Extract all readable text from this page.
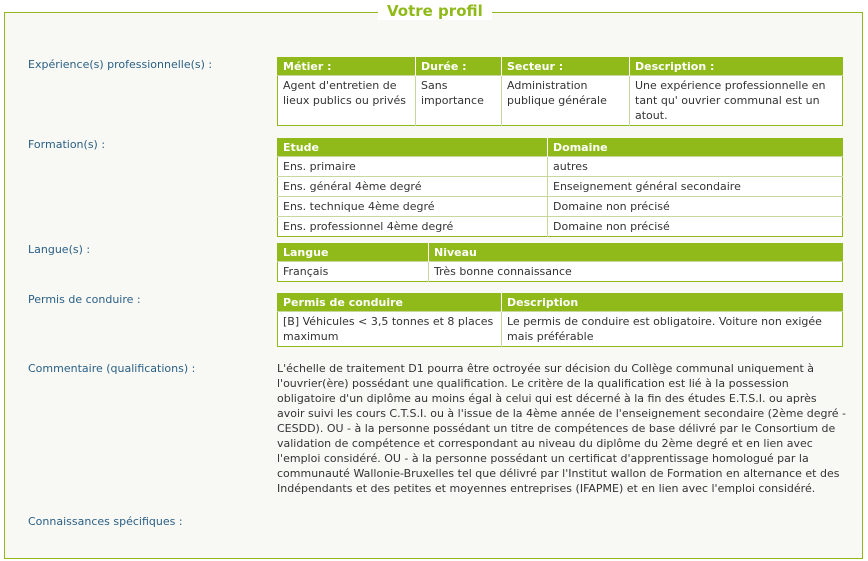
Votre profil
Expérience(s) professionnelle(s) :	Métier :	Durée :	Secteur :	Description :
Agent d'entretien de lieux publics ou privés	Sans importance	Administration publique générale	Une expérience professionnelle en tant qu' ouvrier communal est un atout.
Formation(s) :	Etude	Domaine
Ens. primaire	autres
Ens. général 4ème degré	Enseignement général secondaire
Ens. technique 4ème degré	Domaine non précisé
Ens. professionnel 4ème degré	Domaine non précisé
Langue(s) :	Langue	Niveau
Français	Très bonne connaissance
Permis de conduire :	Permis de conduire	Description
[B] Véhicules < 3,5 tonnes et 8 places maximum	Le permis de conduire est obligatoire. Voiture non exigée mais préférable
Commentaire (qualifications) :	L'échelle de traitement D1 pourra être octroyée sur décision du Collège communal uniquement à l'ouvrier(ère) possédant une qualification. Le critère de la qualification est lié à la possession obligatoire d'un diplôme au moins égal à celui qui est décerné à la fin des études E.T.S.I. ou après avoir suivi les cours C.T.S.I. ou à l'issue de la 4ème année de l'enseignement secondaire (2ème degré - CESDD). OU - à la personne possédant un titre de compétences de base délivré par le Consortium de validation de compétence et correspondant au niveau du diplôme du 2ème degré et en lien avec l'emploi considéré. OU - à la personne possédant un certificat d'apprentissage homologué par la communauté Wallonie-Bruxelles tel que délivré par l'Institut wallon de Formation en alternance et des Indépendants et des petites et moyennes entreprises (IFAPME) et en lien avec l'emploi considéré.
Connaissances spécifiques :
